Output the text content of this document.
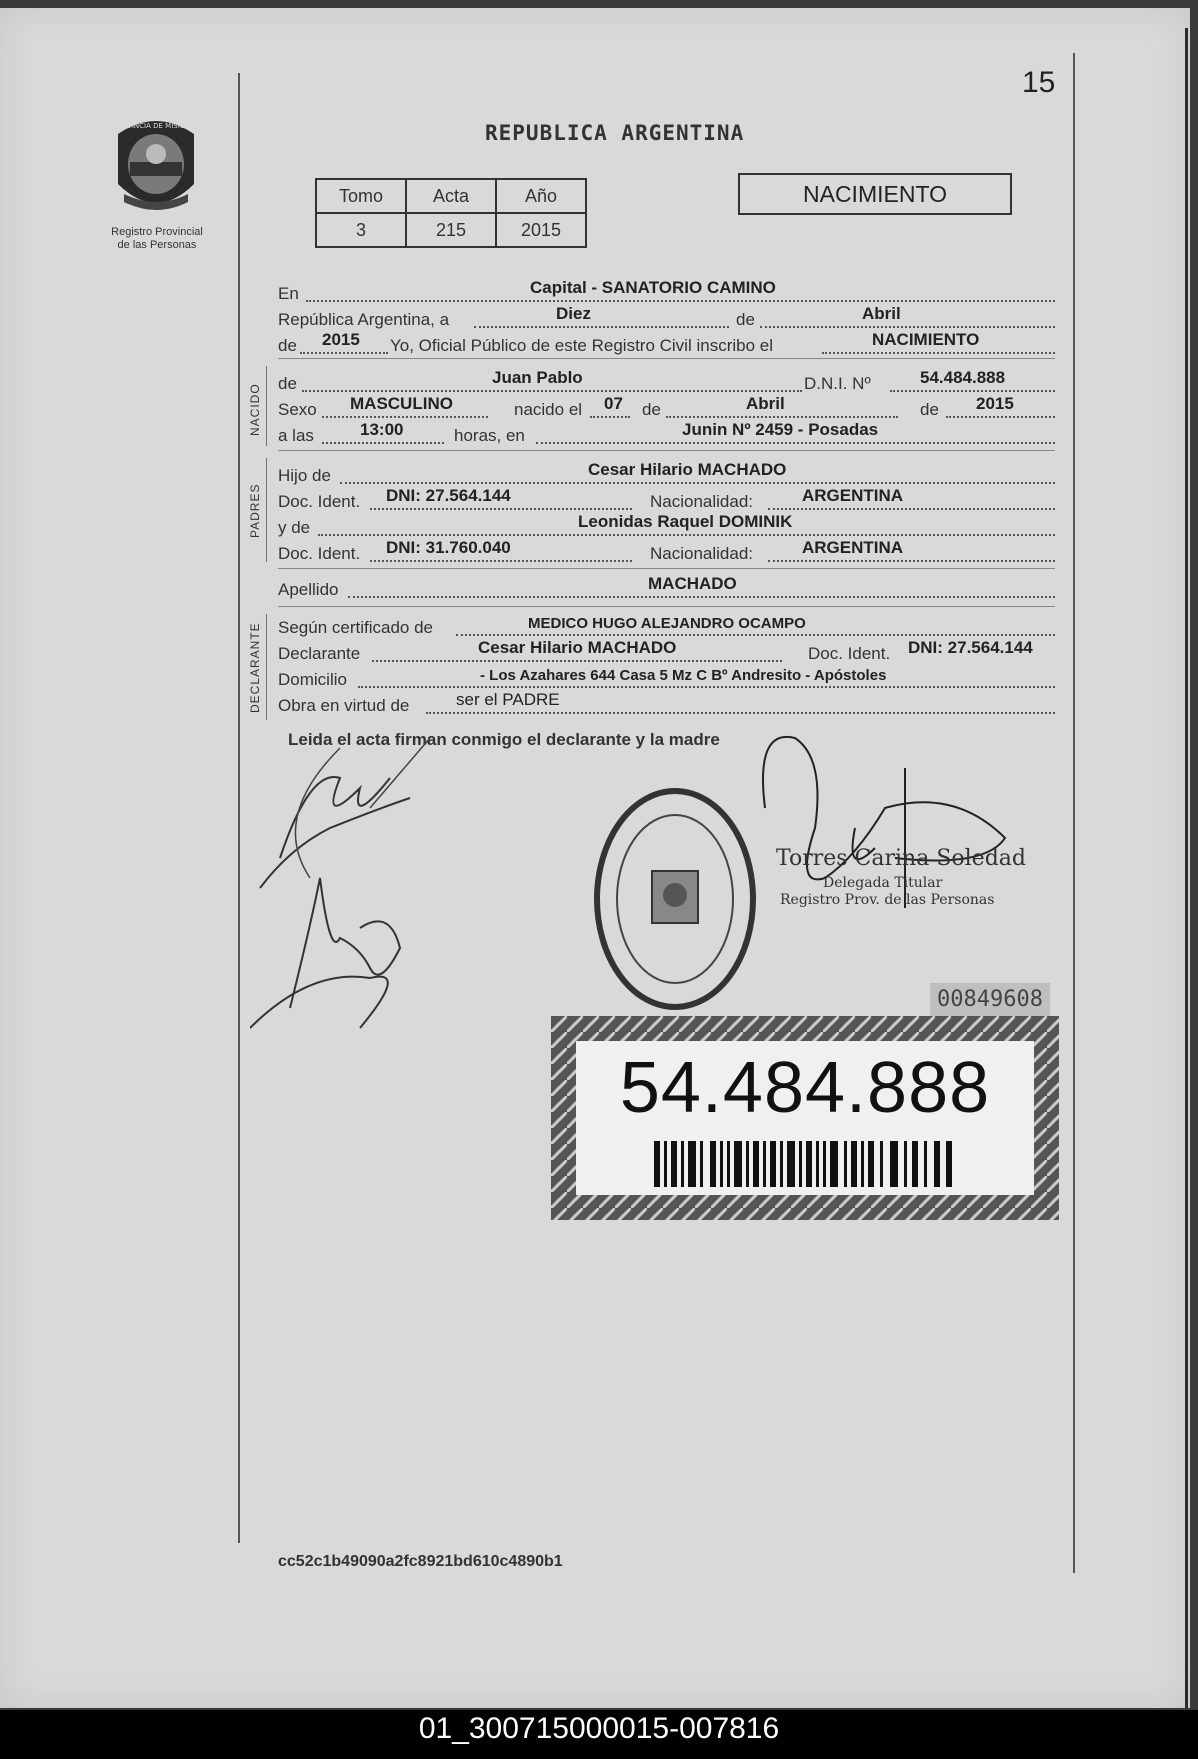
15
PROVINCIA DE MISIONES
Registro Provincial
de las Personas
REPUBLICA ARGENTINA
Tomo	Acta	Año
3	215	2015
NACIMIENTO
En	Capital - SANATORIO CAMINO
República Argentina, a	Diez	de	Abril
de 2015 Yo, Oficial Público de este Registro Civil inscribo el	NACIMIENTO
NACIDO de	Juan Pablo	D.N.I. Nº	54.484.888
Sexo MASCULINO	nacido el 07 de	Abril	de 2015
a las	13:00	horas, en	Junin Nº 2459 - Posadas
PADRES
Hijo de	Cesar Hilario MACHADO
Doc. Ident. DNI: 27.564.144	Nacionalidad:	ARGENTINA
y de	Leonidas Raquel DOMINIK
Doc. Ident. DNI: 31.760.040	Nacionalidad:	ARGENTINA
Apellido	MACHADO
DECLARANTE Según certificado de	MEDICO HUGO ALEJANDRO OCAMPO
Declarante	Cesar Hilario MACHADO	Doc. Ident. DNI: 27.564.144
Domicilio	- Los Azahares 644 Casa 5 Mz C Bº Andresito - Apóstoles
Obra en virtud de	ser el PADRE
Leida el acta firman conmigo el declarante y la madre
Torres Carina Soledad
Delegada Titular
Registro Prov. de las Personas
00849608
54.484.888
cc52c1b49090a2fc8921bd610c4890b1
01_300715000015-007816
